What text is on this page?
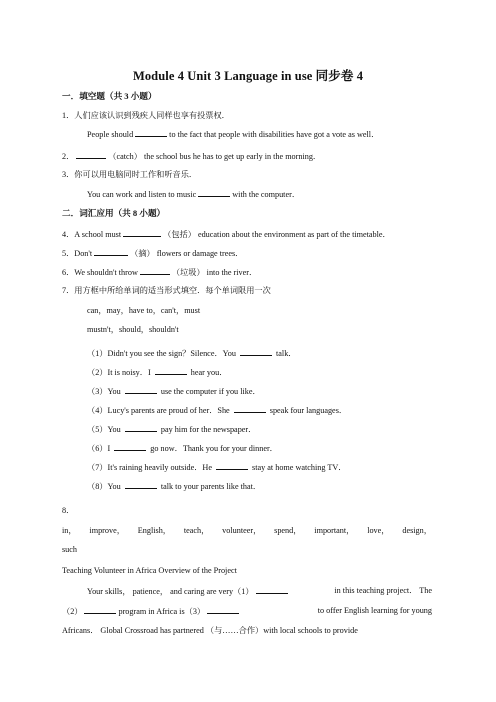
Module 4 Unit 3 Language in use 同步卷 4
一．填空题（共 3 小题）
1．人们应该认识到残疾人同样也享有投票权．
People should	to the fact that people with disabilities have got a vote as well．
2．	（catch） the school bus he has to get up early in the morning．
3．你可以用电脑同时工作和听音乐．
You can work and listen to music	with the computer．
二．词汇应用（共 8 小题）
4．A school must	（包括） education about the environment as part of the timetable．
5．Don't	（摘） flowers or damage trees．
6．We shouldn't throw	（垃圾） into the river．
7．用方框中所给单词的适当形式填空．每个单词限用一次
can，may，have to，can't，must
mustn't，should，shouldn't
（1）Didn't you see the sign？Silence．You	talk．
（2）It is noisy．I	hear you．
（3）You	use the computer if you like．
（4）Lucy's parents are proud of her．She	speak four languages．
（5）You	pay him for the newspaper．
（6）I	go now．Thank you for your dinner．
（7）It's raining heavily outside．He	stay at home watching TV．
（8）You	talk to your parents like that．
8．
in， improve， English， teach， volunteer， spend， important， love， design，
such
Teaching Volunteer in Africa Overview of the Project
Your skills， patience， and caring are very（1）	in this teaching project． The
（2）	program in Africa is（3）	to offer English learning for young
Africans． Global Crossroad has partnered （与……合作）with local schools to provide
